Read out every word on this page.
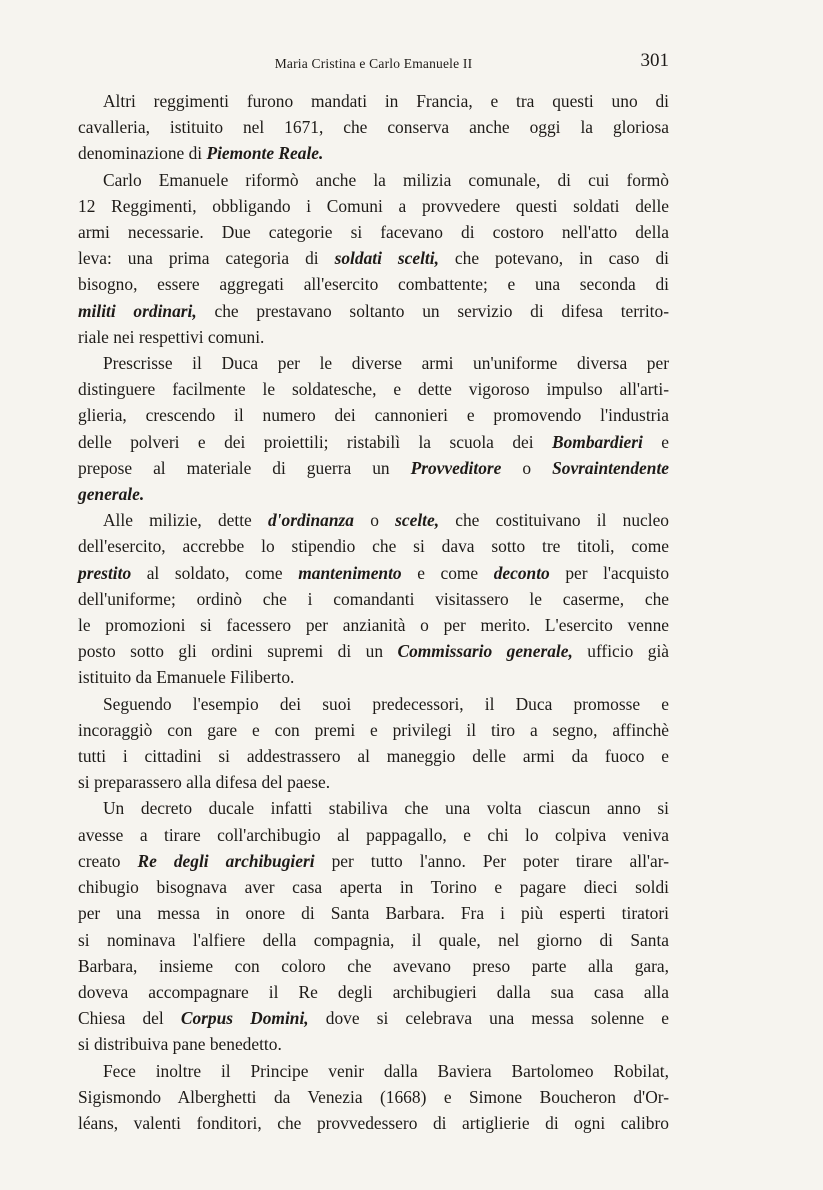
Maria Cristina e Carlo Emanuele II	301
Altri reggimenti furono mandati in Francia, e tra questi uno di
cavalleria, istituito nel 1671, che conserva anche oggi la gloriosa
denominazione di Piemonte Reale.
Carlo Emanuele riformò anche la milizia comunale, di cui formò
12 Reggimenti, obbligando i Comuni a provvedere questi soldati delle
armi necessarie. Due categorie si facevano di costoro nell'atto della
leva: una prima categoria di soldati scelti, che potevano, in caso di
bisogno, essere aggregati all'esercito combattente; e una seconda di
militi ordinari, che prestavano soltanto un servizio di difesa territo-
riale nei respettivi comuni.
Prescrisse il Duca per le diverse armi un'uniforme diversa per
distinguere facilmente le soldatesche, e dette vigoroso impulso all'arti-
glieria, crescendo il numero dei cannonieri e promovendo l'industria
delle polveri e dei proiettili; ristabilì la scuola dei Bombardieri e
prepose al materiale di guerra un Provveditore o Sovraintendente
generale.
Alle milizie, dette d'ordinanza o scelte, che costituivano il nucleo
dell'esercito, accrebbe lo stipendio che si dava sotto tre titoli, come
prestito al soldato, come mantenimento e come deconto per l'acquisto
dell'uniforme; ordinò che i comandanti visitassero le caserme, che
le promozioni si facessero per anzianità o per merito. L'esercito venne
posto sotto gli ordini supremi di un Commissario generale, ufficio già
istituito da Emanuele Filiberto.
Seguendo l'esempio dei suoi predecessori, il Duca promosse e
incoraggiò con gare e con premi e privilegi il tiro a segno, affinchè
tutti i cittadini si addestrassero al maneggio delle armi da fuoco e
si preparassero alla difesa del paese.
Un decreto ducale infatti stabiliva che una volta ciascun anno si
avesse a tirare coll'archibugio al pappagallo, e chi lo colpiva veniva
creato Re degli archibugieri per tutto l'anno. Per poter tirare all'ar-
chibugio bisognava aver casa aperta in Torino e pagare dieci soldi
per una messa in onore di Santa Barbara. Fra i più esperti tiratori
si nominava l'alfiere della compagnia, il quale, nel giorno di Santa
Barbara, insieme con coloro che avevano preso parte alla gara,
doveva accompagnare il Re degli archibugieri dalla sua casa alla
Chiesa del Corpus Domini, dove si celebrava una messa solenne e
si distribuiva pane benedetto.
Fece inoltre il Principe venir dalla Baviera Bartolomeo Robilat,
Sigismondo Alberghetti da Venezia (1668) e Simone Boucheron d'Or-
léans, valenti fonditori, che provvedessero di artiglierie di ogni calibro
